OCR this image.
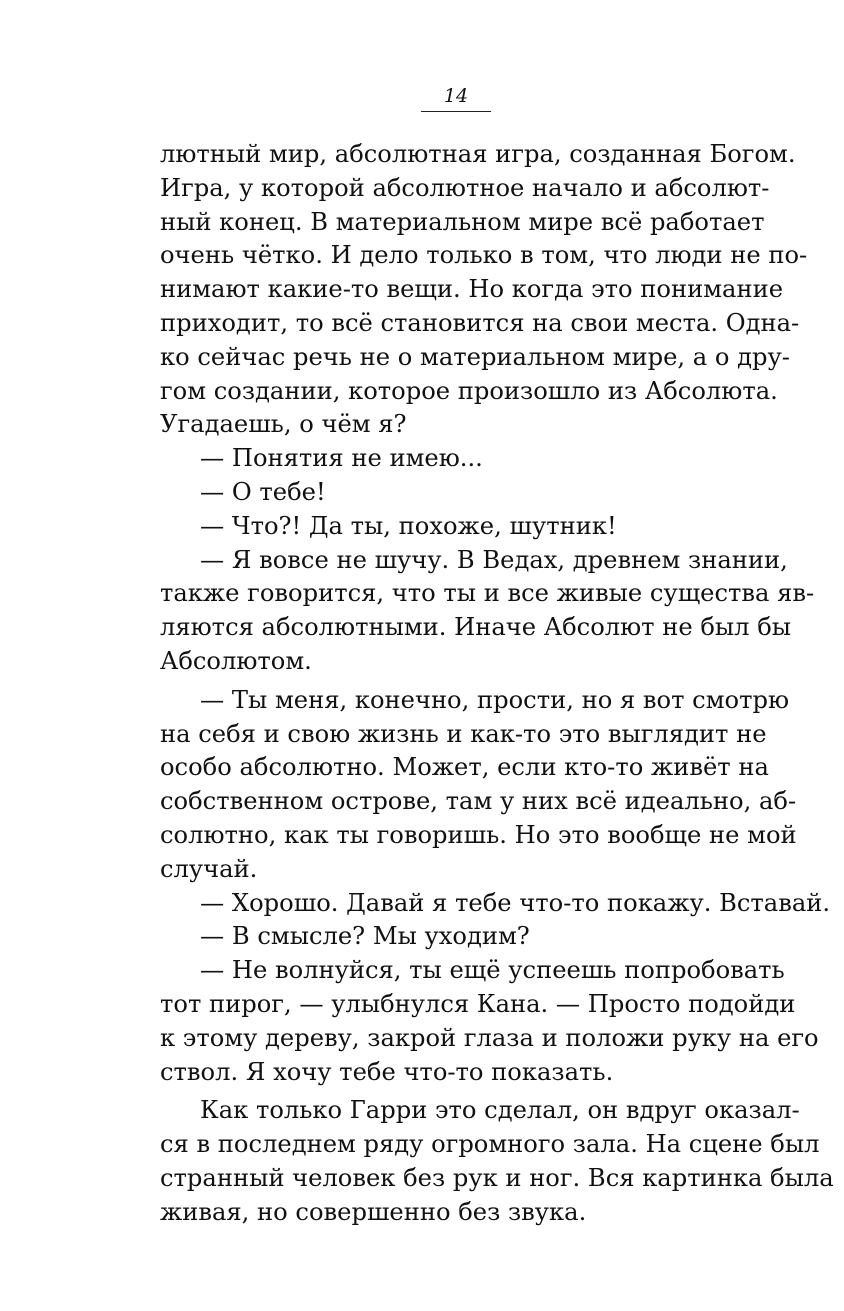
14
лютный мир, абсолютная игра, созданная Богом.
Игра, у которой абсолютное начало и абсолют-
ный конец. В материальном мире всё работает
очень чётко. И дело только в том, что люди не по-
нимают какие-то вещи. Но когда это понимание
приходит, то всё становится на свои места. Одна-
ко сейчас речь не о материальном мире, а о дру-
гом создании, которое произошло из Абсолюта.
Угадаешь, о чём я?
— Понятия не имею...
— О тебе!
— Что?! Да ты, похоже, шутник!
— Я вовсе не шучу. В Ведах, древнем знании,
также говорится, что ты и все живые существа яв-
ляются абсолютными. Иначе Абсолют не был бы
Абсолютом.
— Ты меня, конечно, прости, но я вот смотрю
на себя и свою жизнь и как-то это выглядит не
особо абсолютно. Может, если кто-то живёт на
собственном острове, там у них всё идеально, аб-
солютно, как ты говоришь. Но это вообще не мой
случай.
— Хорошо. Давай я тебе что-то покажу. Вставай.
— В смысле? Мы уходим?
— Не волнуйся, ты ещё успеешь попробовать
тот пирог, — улыбнулся Кана. — Просто подойди
к этому дереву, закрой глаза и положи руку на его
ствол. Я хочу тебе что-то показать.
Как только Гарри это сделал, он вдруг оказал-
ся в последнем ряду огромного зала. На сцене был
странный человек без рук и ног. Вся картинка была
живая, но совершенно без звука.
